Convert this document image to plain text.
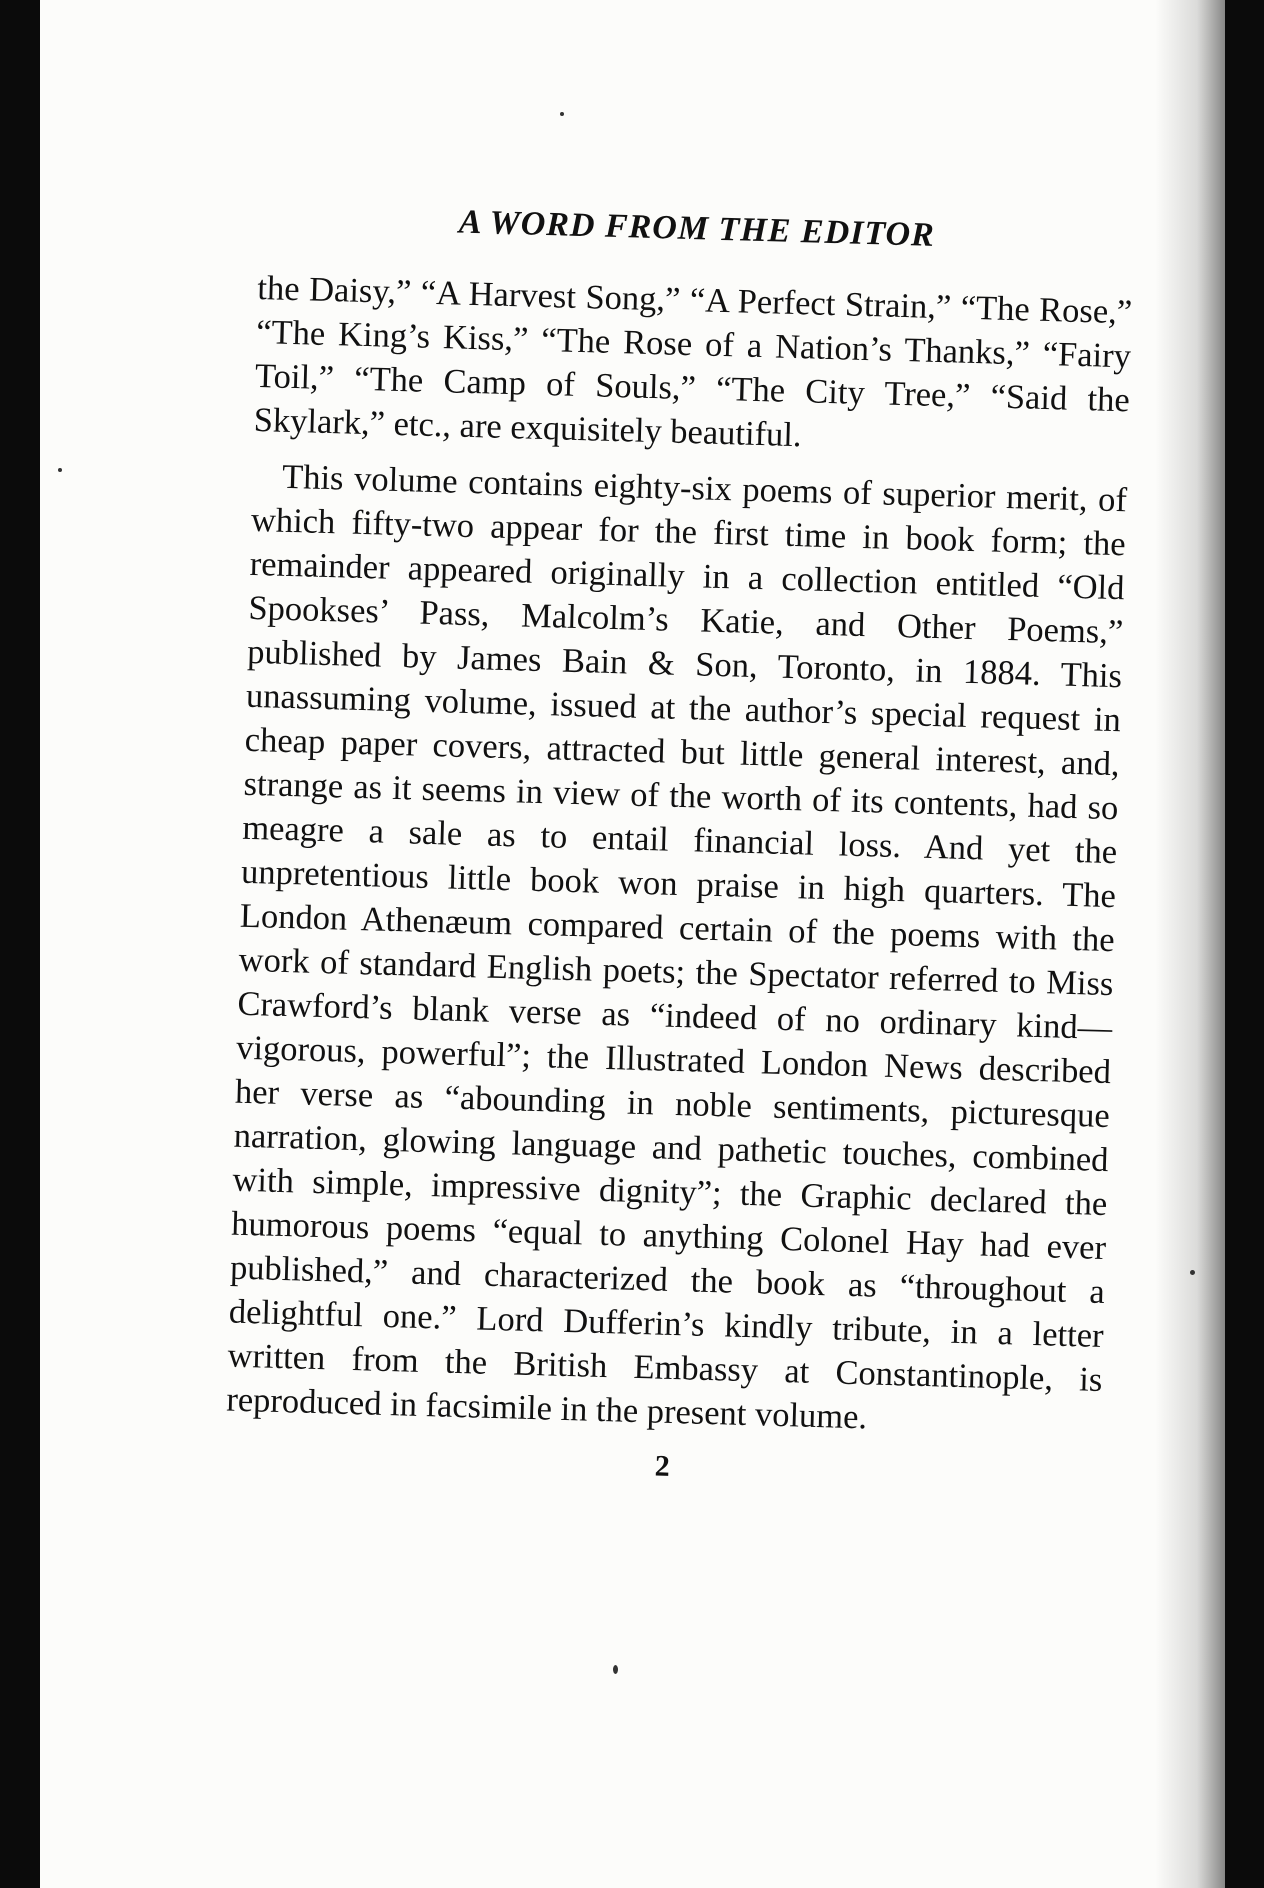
A WORD FROM THE EDITOR

the Daisy,” “A Harvest Song,” “A Perfect Strain,” “The Rose,” “The King’s Kiss,” “The Rose of a Nation’s Thanks,” “Fairy Toil,” “The Camp of Souls,” “The City Tree,” “Said the Skylark,” etc., are exquisitely beautiful.

This volume contains eighty-six poems of superior merit, of which fifty-two appear for the first time in book form; the remainder appeared originally in a collection entitled “Old Spookses’ Pass, Malcolm’s Katie, and Other Poems,” published by James Bain & Son, Toronto, in 1884. This unassuming volume, issued at the author’s special request in cheap paper covers, attracted but little general interest, and, strange as it seems in view of the worth of its contents, had so meagre a sale as to entail financial loss. And yet the unpretentious little book won praise in high quarters. The London Athenæum compared certain of the poems with the work of standard English poets; the Spectator referred to Miss Crawford’s blank verse as “indeed of no ordinary kind—vigorous, powerful”; the Illustrated London News described her verse as “abounding in noble sentiments, picturesque narration, glowing language and pathetic touches, combined with simple, impressive dignity”; the Graphic declared the humorous poems “equal to anything Colonel Hay had ever published,” and characterized the book as “throughout a delightful one.” Lord Dufferin’s kindly tribute, in a letter written from the British Embassy at Constantinople, is reproduced in facsimile in the present volume.

2
